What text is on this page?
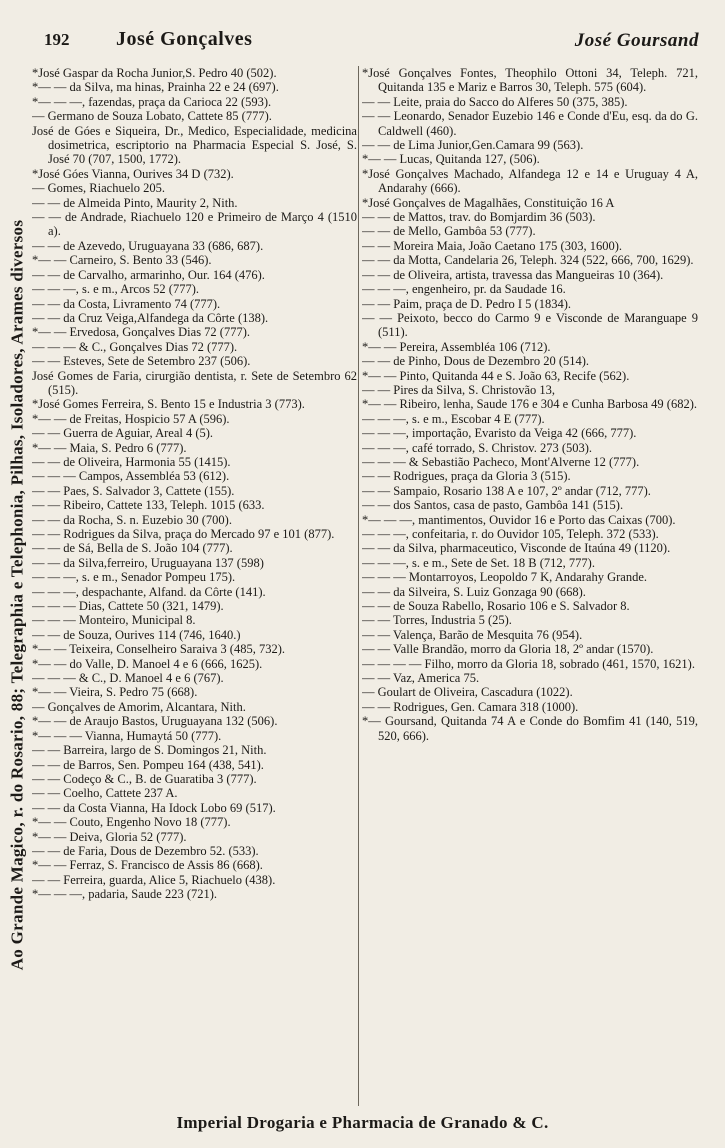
Ao Grande Magico, r. do Rosario, 88; Telegraphia e Telephonia, Pilhas, Isoladores, Arames diversos
192 José Gonçalves	José Goursand
*José Gaspar da Rocha Junior,S. Pedro 40 (502).
*— — da Silva, ma hinas, Prainha 22 e 24 (697).
*— — —, fazendas, praça da Carioca 22 (593).
— Germano de Souza Lobato, Cattete 85 (777).
José de Góes e Siqueira, Dr., Medico, Especialidade, medicina dosimetrica, escriptorio na Pharmacia Especial S. José, S. José 70 (707, 1500, 1772).
*José Góes Vianna, Ourives 34 D (732).
— Gomes, Riachuelo 205.
— — de Almeida Pinto, Maurity 2, Nith.
— — de Andrade, Riachuelo 120 e Primeiro de Março 4 (1510 a).
— — de Azevedo, Uruguayana 33 (686, 687).
*— — Carneiro, S. Bento 33 (546).
— — de Carvalho, armarinho, Our. 164 (476).
— — —, s. e m., Arcos 52 (777).
— — da Costa, Livramento 74 (777).
— — da Cruz Veiga,Alfandega da Côrte (138).
*— — Ervedosa, Gonçalves Dias 72 (777).
— — — & C., Gonçalves Dias 72 (777).
— — Esteves, Sete de Setembro 237 (506).
José Gomes de Faria, cirurgião dentista, r. Sete de Setembro 62 (515).
*José Gomes Ferreira, S. Bento 15 e Industria 3 (773).
*— — de Freitas, Hospicio 57 A (596).
— — Guerra de Aguiar, Areal 4 (5).
*— — Maia, S. Pedro 6 (777).
— — de Oliveira, Harmonia 55 (1415).
— — — Campos, Assembléa 53 (612).
— — Paes, S. Salvador 3, Cattete (155).
— — Ribeiro, Cattete 133, Teleph. 1015 (633.
— — da Rocha, S. n. Euzebio 30 (700).
— — Rodrigues da Silva, praça do Mercado 97 e 101 (877).
— — de Sá, Bella de S. João 104 (777).
— — da Silva,ferreiro, Uruguayana 137 (598)
— — —, s. e m., Senador Pompeu 175).
— — —, despachante, Alfand. da Côrte (141).
— — — Dias, Cattete 50 (321, 1479).
— — — Monteiro, Municipal 8.
— — de Souza, Ourives 114 (746, 1640.)
*— — Teixeira, Conselheiro Saraiva 3 (485, 732).
*— — do Valle, D. Manoel 4 e 6 (666, 1625).
— — — & C., D. Manoel 4 e 6 (767).
*— — Vieira, S. Pedro 75 (668).
— Gonçalves de Amorim, Alcantara, Nith.
*— — de Araujo Bastos, Uruguayana 132 (506).
*— — — Vianna, Humaytá 50 (777).
— — Barreira, largo de S. Domingos 21, Nith.
— — de Barros, Sen. Pompeu 164 (438, 541).
— — Codeço & C., B. de Guaratiba 3 (777).
— — Coelho, Cattete 237 A.
— — da Costa Vianna, Ha Idock Lobo 69 (517).
*— — Couto, Engenho Novo 18 (777).
*— — Deiva, Gloria 52 (777).
— — de Faria, Dous de Dezembro 52. (533).
*— — Ferraz, S. Francisco de Assis 86 (668).
— — Ferreira, guarda, Alice 5, Riachuelo (438).
*— — —, padaria, Saude 223 (721).
*José Gonçalves Fontes, Theophilo Ottoni 34, Teleph. 721, Quitanda 135 e Mariz e Barros 30, Teleph. 575 (604).
— — Leite, praia do Sacco do Alferes 50 (375, 385).
— — Leonardo, Senador Euzebio 146 e Conde d'Eu, esq. da do G. Caldwell (460).
— — de Lima Junior,Gen.Camara 99 (563).
*— — Lucas, Quitanda 127, (506).
*José Gonçalves Machado, Alfandega 12 e 14 e Uruguay 4 A, Andarahy (666).
*José Gonçalves de Magalhães, Constituição 16 A
— — de Mattos, trav. do Bomjardim 36 (503).
— — de Mello, Gambôa 53 (777).
— — Moreira Maia, João Caetano 175 (303, 1600).
— — da Motta, Candelaria 26, Teleph. 324 (522, 666, 700, 1629).
— — de Oliveira, artista, travessa das Mangueiras 10 (364).
— — —, engenheiro, pr. da Saudade 16.
— — Paim, praça de D. Pedro I 5 (1834).
— — Peixoto, becco do Carmo 9 e Visconde de Maranguape 9 (511).
*— — Pereira, Assembléa 106 (712).
— — de Pinho, Dous de Dezembro 20 (514).
*— — Pinto, Quitanda 44 e S. João 63, Recife (562).
— — Pires da Silva, S. Christovão 13,
*— — Ribeiro, lenha, Saude 176 e 304 e Cunha Barbosa 49 (682).
— — —, s. e m., Escobar 4 E (777).
— — —, importação, Evaristo da Veiga 42 (666, 777).
— — —, café torrado, S. Christov. 273 (503).
— — — & Sebastião Pacheco, Mont'Alverne 12 (777).
— — Rodrigues, praça da Gloria 3 (515).
— — Sampaio, Rosario 138 A e 107, 2º andar (712, 777).
— — dos Santos, casa de pasto, Gambôa 141 (515).
*— — —, mantimentos, Ouvidor 16 e Porto das Caixas (700).
— — —, confeitaria, r. do Ouvidor 105, Teleph. 372 (533).
— — da Silva, pharmaceutico, Visconde de Itaúna 49 (1120).
— — —, s. e m., Sete de Set. 18 B (712, 777).
— — — Montarroyos, Leopoldo 7 K, Andarahy Grande.
— — da Silveira, S. Luiz Gonzaga 90 (668).
— — de Souza Rabello, Rosario 106 e S. Salvador 8.
— — Torres, Industria 5 (25).
— — Valença, Barão de Mesquita 76 (954).
— — Valle Brandão, morro da Gloria 18, 2º andar (1570).
— — — — Filho, morro da Gloria 18, sobrado (461, 1570, 1621).
— — Vaz, America 75.
— Goulart de Oliveira, Cascadura (1022).
— — Rodrigues, Gen. Camara 318 (1000).
*— Goursand, Quitanda 74 A e Conde do Bomfim 41 (140, 519, 520, 666).
Imperial Drogaria e Pharmacia de Granado & C.
